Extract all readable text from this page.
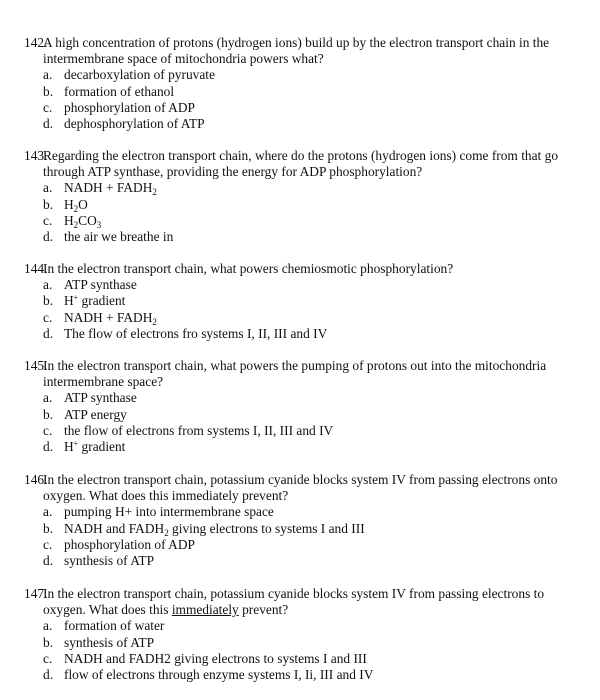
142.
A high concentration of protons (hydrogen ions) build up by the electron transport chain in the intermembrane space of mitochondria powers what?
a. decarboxylation of pyruvate
b. formation of ethanol
c. phosphorylation of ADP
d. dephosphorylation of ATP
143.
Regarding the electron transport chain, where do the protons (hydrogen ions) come from that go through ATP synthase, providing the energy for ADP phosphorylation?
a. NADH + $FADH_2$
b. $H_2O$
c. $H_2CO_3$
d. the air we breathe in
144.
In the electron transport chain, what powers chemiosmotic phosphorylation?
a. ATP synthase
b. H+ gradient
c. NADH + $FADH_2$
d. The flow of electrons fro systems I, II, III and IV
145.
In the electron transport chain, what powers the pumping of protons out into the mitochondria intermembrane space?
a. ATP synthase
b. ATP energy
c. the flow of electrons from systems I, II, III and IV
d. H+ gradient
146.
In the electron transport chain, potassium cyanide blocks system IV from passing electrons onto oxygen. What does this immediately prevent?
a. pumping H+ into intermembrane space
b. NADH and $FADH_2$ giving electrons to systems I and III
c. phosphorylation of ADP
d. synthesis of ATP
147.
In the electron transport chain, potassium cyanide blocks system IV from passing electrons to oxygen. What does this immediately prevent?
a. formation of water
b. synthesis of ATP
c. NADH and FADH2 giving electrons to systems I and III
d. flow of electrons through enzyme systems I, Ii, III and IV
